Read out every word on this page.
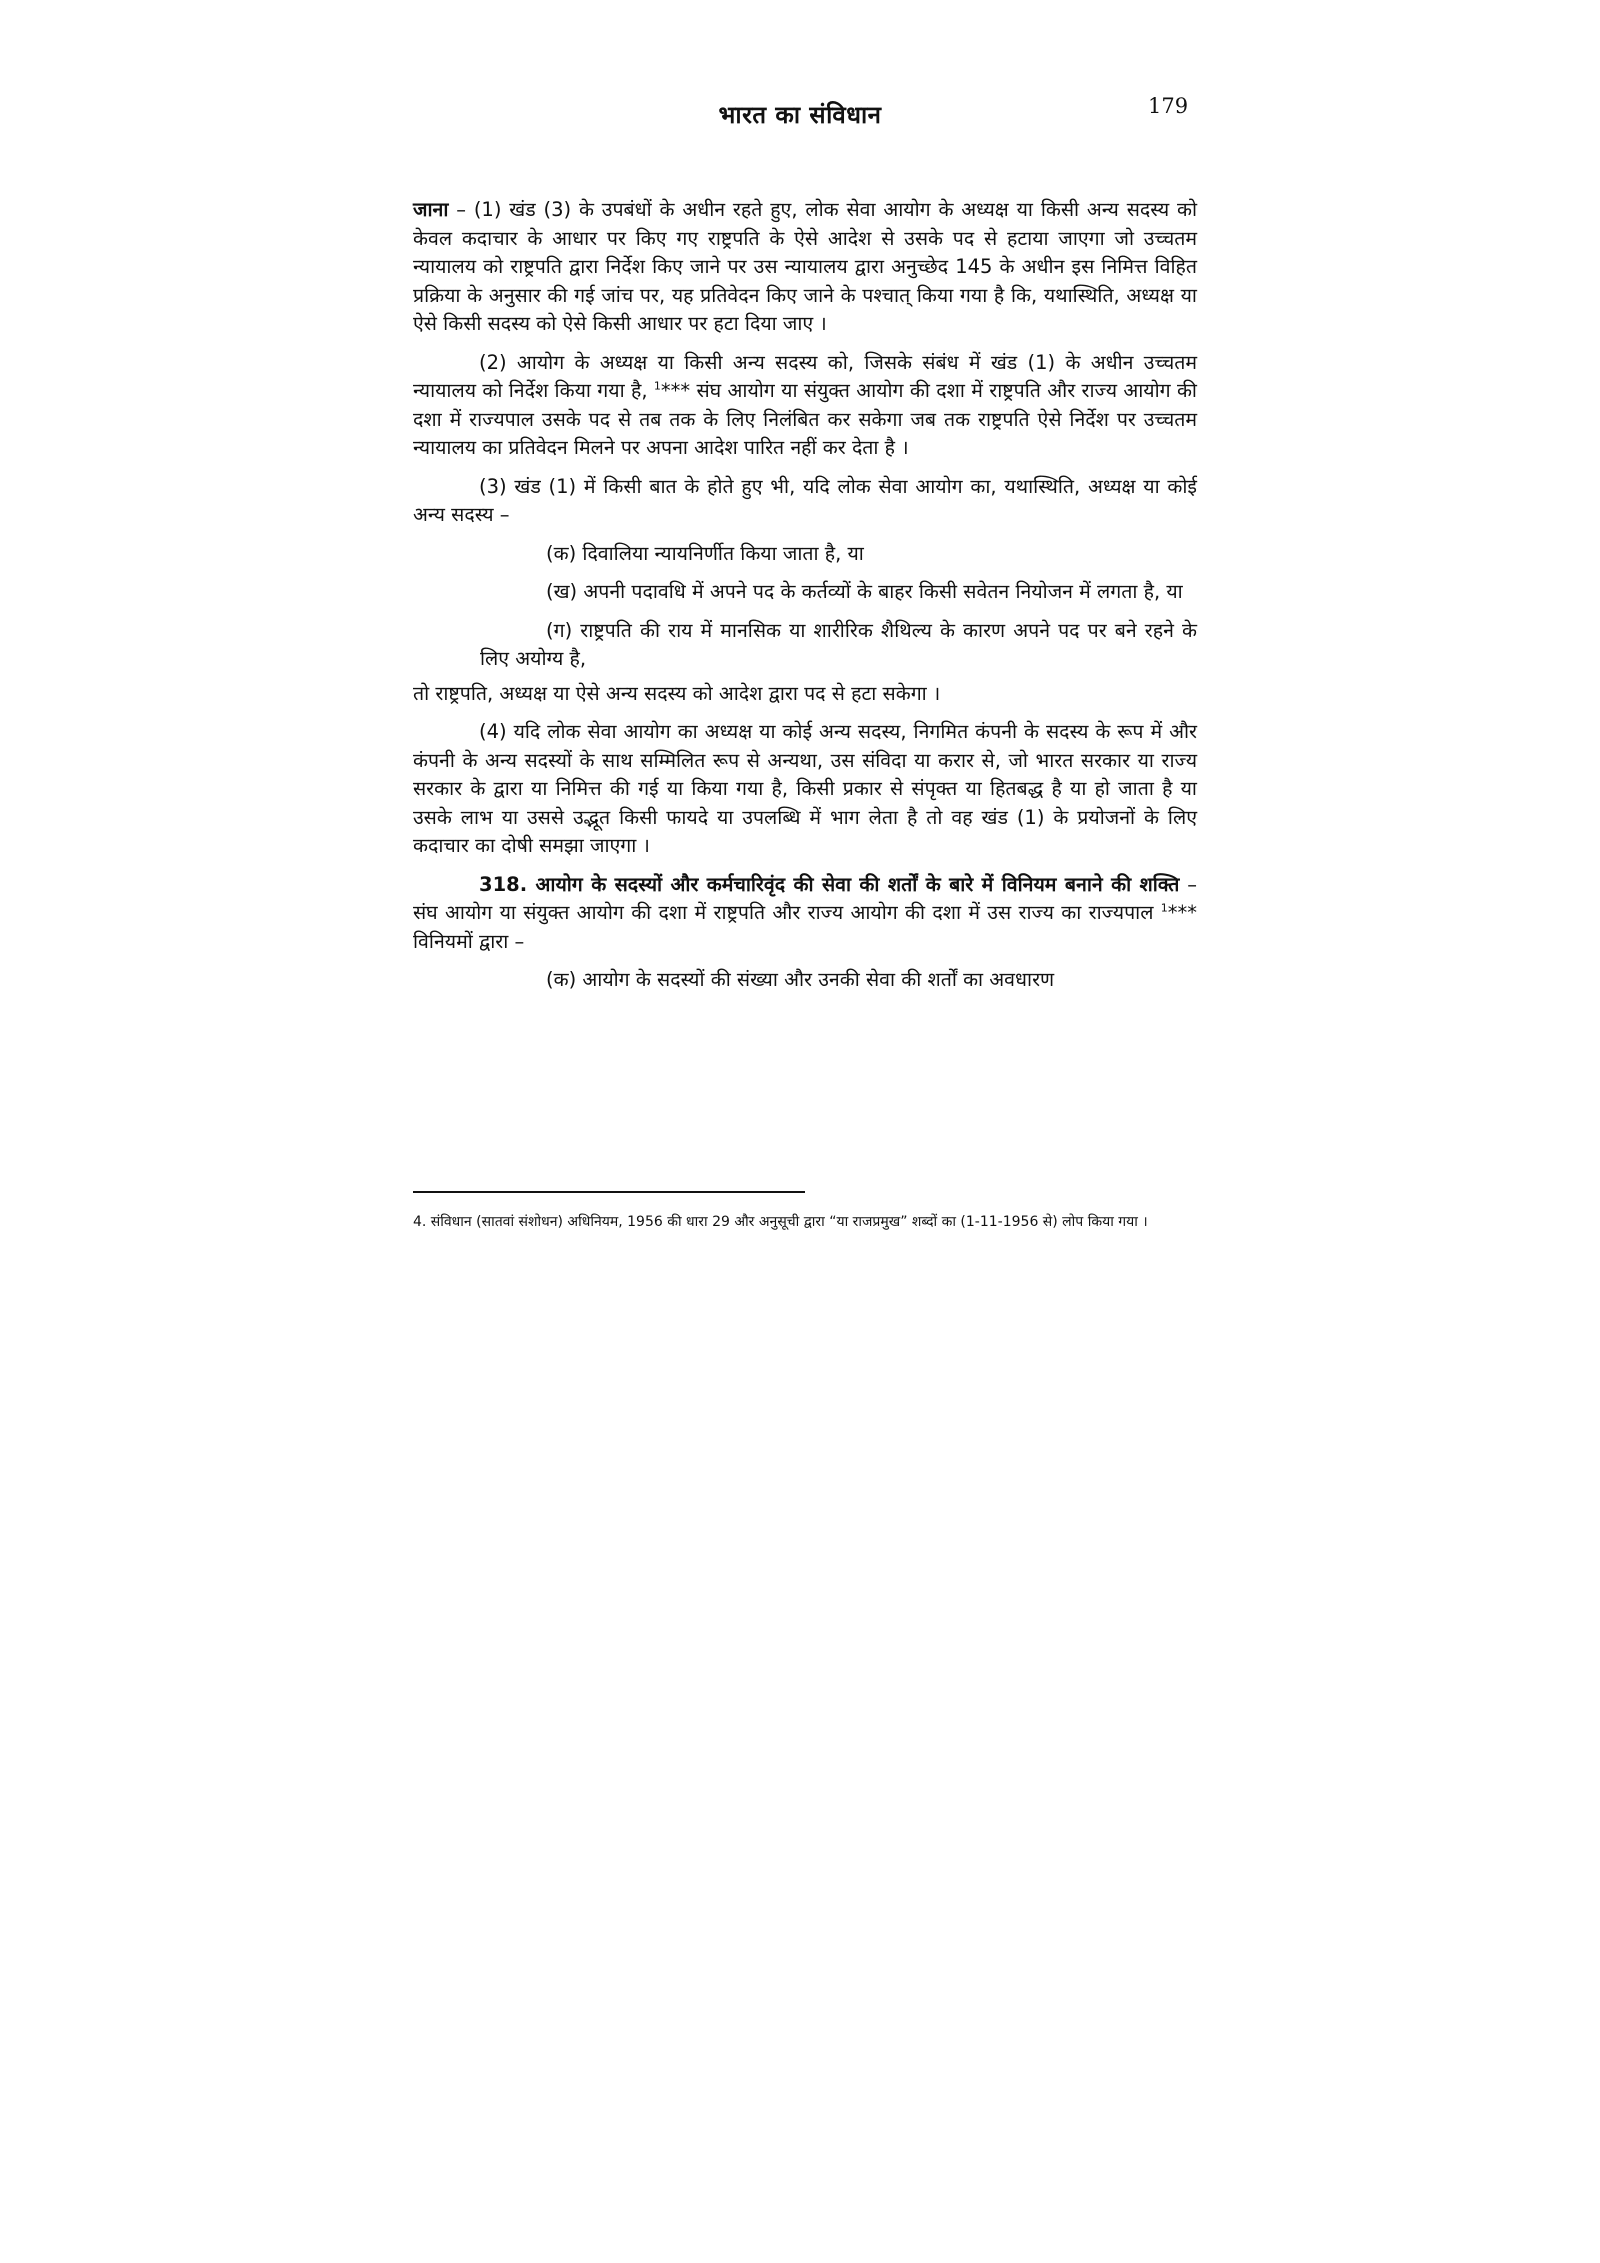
भारत का संविधान	179

जाना – (1) खंड (3) के उपबंधों के अधीन रहते हुए, लोक सेवा आयोग के अध्यक्ष या किसी अन्य सदस्य को केवल कदाचार के आधार पर किए गए राष्ट्रपति के ऐसे आदेश से उसके पद से हटाया जाएगा जो उच्चतम न्यायालय को राष्ट्रपति द्वारा निर्देश किए जाने पर उस न्यायालय द्वारा अनुच्छेद 145 के अधीन इस निमित्त विहित प्रक्रिया के अनुसार की गई जांच पर, यह प्रतिवेदन किए जाने के पश्चात् किया गया है कि, यथास्थिति, अध्यक्ष या ऐसे किसी सदस्य को ऐसे किसी आधार पर हटा दिया जाए ।

(2) आयोग के अध्यक्ष या किसी अन्य सदस्य को, जिसके संबंध में खंड (1) के अधीन उच्चतम न्यायालय को निर्देश किया गया है, $^1$*** संघ आयोग या संयुक्त आयोग की दशा में राष्ट्रपति और राज्य आयोग की दशा में राज्यपाल उसके पद से तब तक के लिए निलंबित कर सकेगा जब तक राष्ट्रपति ऐसे निर्देश पर उच्चतम न्यायालय का प्रतिवेदन मिलने पर अपना आदेश पारित नहीं कर देता है ।

(3) खंड (1) में किसी बात के होते हुए भी, यदि लोक सेवा आयोग का, यथास्थिति, अध्यक्ष या कोई अन्य सदस्य –

(क) दिवालिया न्यायनिर्णीत किया जाता है, या

(ख) अपनी पदावधि में अपने पद के कर्तव्यों के बाहर किसी सवेतन नियोजन में लगता है, या

(ग) राष्ट्रपति की राय में मानसिक या शारीरिक शैथिल्य के कारण अपने पद पर बने रहने के लिए अयोग्य है,

तो राष्ट्रपति, अध्यक्ष या ऐसे अन्य सदस्य को आदेश द्वारा पद से हटा सकेगा ।

(4) यदि लोक सेवा आयोग का अध्यक्ष या कोई अन्य सदस्य, निगमित कंपनी के सदस्य के रूप में और कंपनी के अन्य सदस्यों के साथ सम्मिलित रूप से अन्यथा, उस संविदा या करार से, जो भारत सरकार या राज्य सरकार के द्वारा या निमित्त की गई या किया गया है, किसी प्रकार से संपृक्त या हितबद्ध है या हो जाता है या उसके लाभ या उससे उद्भूत किसी फायदे या उपलब्धि में भाग लेता है तो वह खंड (1) के प्रयोजनों के लिए कदाचार का दोषी समझा जाएगा ।

318. आयोग के सदस्यों और कर्मचारिवृंद की सेवा की शर्तों के बारे में विनियम बनाने की शक्ति – संघ आयोग या संयुक्त आयोग की दशा में राष्ट्रपति और राज्य आयोग की दशा में उस राज्य का राज्यपाल $^1$*** विनियमों द्वारा –

(क) आयोग के सदस्यों की संख्या और उनकी सेवा की शर्तों का अवधारण

4. संविधान (सातवां संशोधन) अधिनियम, 1956 की धारा 29 और अनुसूची द्वारा “या राजप्रमुख” शब्दों का (1-11-1956 से) लोप किया गया ।
